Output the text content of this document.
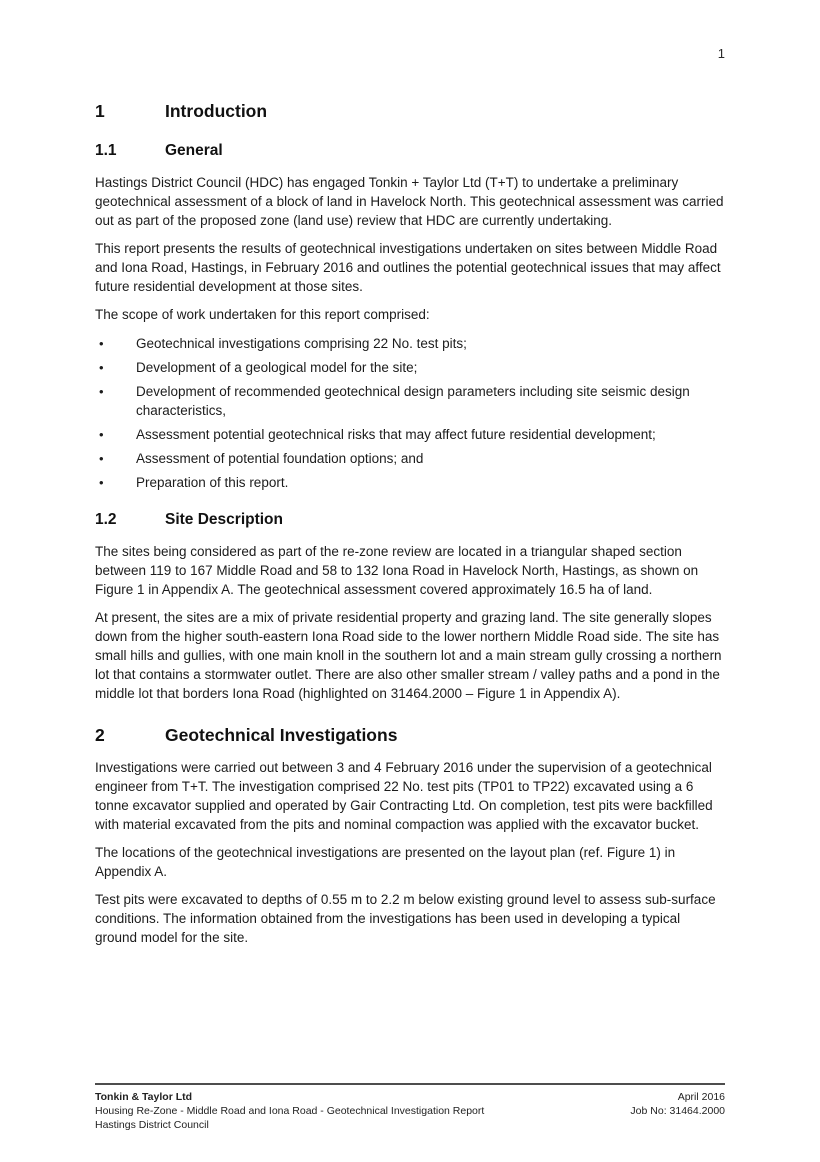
1
1	Introduction
1.1	General

Hastings District Council (HDC) has engaged Tonkin + Taylor Ltd (T+T) to undertake a preliminary geotechnical assessment of a block of land in Havelock North. This geotechnical assessment was carried out as part of the proposed zone (land use) review that HDC are currently undertaking.

This report presents the results of geotechnical investigations undertaken on sites between Middle Road and Iona Road, Hastings, in February 2016 and outlines the potential geotechnical issues that may affect future residential development at those sites.

The scope of work undertaken for this report comprised:

• Geotechnical investigations comprising 22 No. test pits;
• Development of a geological model for the site;
• Development of recommended geotechnical design parameters including site seismic design characteristics,
• Assessment potential geotechnical risks that may affect future residential development;
• Assessment of potential foundation options; and
• Preparation of this report.
1.2	Site Description

The sites being considered as part of the re-zone review are located in a triangular shaped section between 119 to 167 Middle Road and 58 to 132 Iona Road in Havelock North, Hastings, as shown on Figure 1 in Appendix A. The geotechnical assessment covered approximately 16.5 ha of land.

At present, the sites are a mix of private residential property and grazing land. The site generally slopes down from the higher south-eastern Iona Road side to the lower northern Middle Road side. The site has small hills and gullies, with one main knoll in the southern lot and a main stream gully crossing a northern lot that contains a stormwater outlet. There are also other smaller stream / valley paths and a pond in the middle lot that borders Iona Road (highlighted on 31464.2000 – Figure 1 in Appendix A).

2	Geotechnical Investigations

Investigations were carried out between 3 and 4 February 2016 under the supervision of a geotechnical engineer from T+T. The investigation comprised 22 No. test pits (TP01 to TP22) excavated using a 6 tonne excavator supplied and operated by Gair Contracting Ltd. On completion, test pits were backfilled with material excavated from the pits and nominal compaction was applied with the excavator bucket.

The locations of the geotechnical investigations are presented on the layout plan (ref. Figure 1) in Appendix A.

Test pits were excavated to depths of 0.55 m to 2.2 m below existing ground level to assess sub-surface conditions. The information obtained from the investigations has been used in developing a typical ground model for the site.

Tonkin & Taylor Ltd
Housing Re-Zone - Middle Road and Iona Road - Geotechnical Investigation Report
Hastings District Council
April 2016
Job No: 31464.2000
